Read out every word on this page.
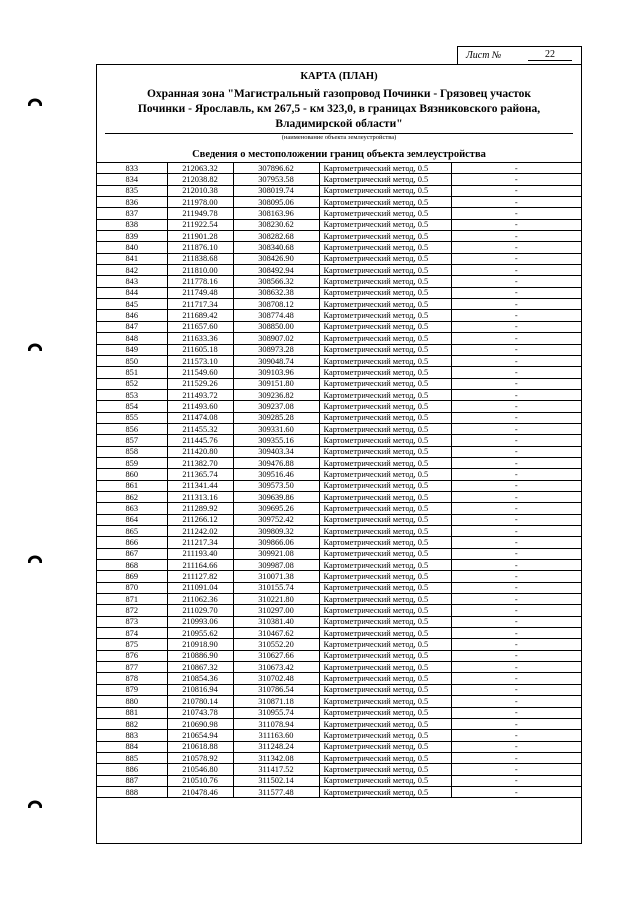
Лист №	22
КАРТА (ПЛАН)
Охранная зона "Магистральный газопровод Починки - Грязовец участок
Починки - Ярославль, км 267,5 - км 323,0, в границах Вязниковского района,
Владимирской области"
(наименование объекта землеустройства)
Сведения о местоположении границ объекта землеустройства
833	212063.32	307896.62	Картометрический метод, 0.5	-
834	212038.82	307953.58	Картометрический метод, 0.5	-
835	212010.38	308019.74	Картометрический метод, 0.5	-
836	211978.00	308095.06	Картометрический метод, 0.5	-
837	211949.78	308163.96	Картометрический метод, 0.5	-
838	211922.54	308230.62	Картометрический метод, 0.5	-
839	211901.28	308282.68	Картометрический метод, 0.5	-
840	211876.10	308340.68	Картометрический метод, 0.5	-
841	211838.68	308426.90	Картометрический метод, 0.5	-
842	211810.00	308492.94	Картометрический метод, 0.5	-
843	211778.16	308566.32	Картометрический метод, 0.5	-
844	211749.48	308632.38	Картометрический метод, 0.5	-
845	211717.34	308708.12	Картометрический метод, 0.5	-
846	211689.42	308774.48	Картометрический метод, 0.5	-
847	211657.60	308850.00	Картометрический метод, 0.5	-
848	211633.36	308907.02	Картометрический метод, 0.5	-
849	211605.18	308973.28	Картометрический метод, 0.5	-
850	211573.10	309048.74	Картометрический метод, 0.5	-
851	211549.60	309103.96	Картометрический метод, 0.5	-
852	211529.26	309151.80	Картометрический метод, 0.5	-
853	211493.72	309236.82	Картометрический метод, 0.5	-
854	211493.60	309237.08	Картометрический метод, 0.5	-
855	211474.08	309285.28	Картометрический метод, 0.5	-
856	211455.32	309331.60	Картометрический метод, 0.5	-
857	211445.76	309355.16	Картометрический метод, 0.5	-
858	211420.80	309403.34	Картометрический метод, 0.5	-
859	211382.70	309476.88	Картометрический метод, 0.5	-
860	211365.74	309516.46	Картометрический метод, 0.5	-
861	211341.44	309573.50	Картометрический метод, 0.5	-
862	211313.16	309639.86	Картометрический метод, 0.5	-
863	211289.92	309695.26	Картометрический метод, 0.5	-
864	211266.12	309752.42	Картометрический метод, 0.5	-
865	211242.02	309809.32	Картометрический метод, 0.5	-
866	211217.34	309866.06	Картометрический метод, 0.5	-
867	211193.40	309921.08	Картометрический метод, 0.5	-
868	211164.66	309987.08	Картометрический метод, 0.5	-
869	211127.82	310071.38	Картометрический метод, 0.5	-
870	211091.04	310155.74	Картометрический метод, 0.5	-
871	211062.36	310221.80	Картометрический метод, 0.5	-
872	211029.70	310297.00	Картометрический метод, 0.5	-
873	210993.06	310381.40	Картометрический метод, 0.5	-
874	210955.62	310467.62	Картометрический метод, 0.5	-
875	210918.90	310552.20	Картометрический метод, 0.5	-
876	210886.90	310627.66	Картометрический метод, 0.5	-
877	210867.32	310673.42	Картометрический метод, 0.5	-
878	210854.36	310702.48	Картометрический метод, 0.5	-
879	210816.94	310786.54	Картометрический метод, 0.5	-
880	210780.14	310871.18	Картометрический метод, 0.5	-
881	210743.78	310955.74	Картометрический метод, 0.5	-
882	210690.98	311078.94	Картометрический метод, 0.5	-
883	210654.94	311163.60	Картометрический метод, 0.5	-
884	210618.88	311248.24	Картометрический метод, 0.5	-
885	210578.92	311342.08	Картометрический метод, 0.5	-
886	210546.80	311417.52	Картометрический метод, 0.5	-
887	210510.76	311502.14	Картометрический метод, 0.5	-
888	210478.46	311577.48	Картометрический метод, 0.5	-
